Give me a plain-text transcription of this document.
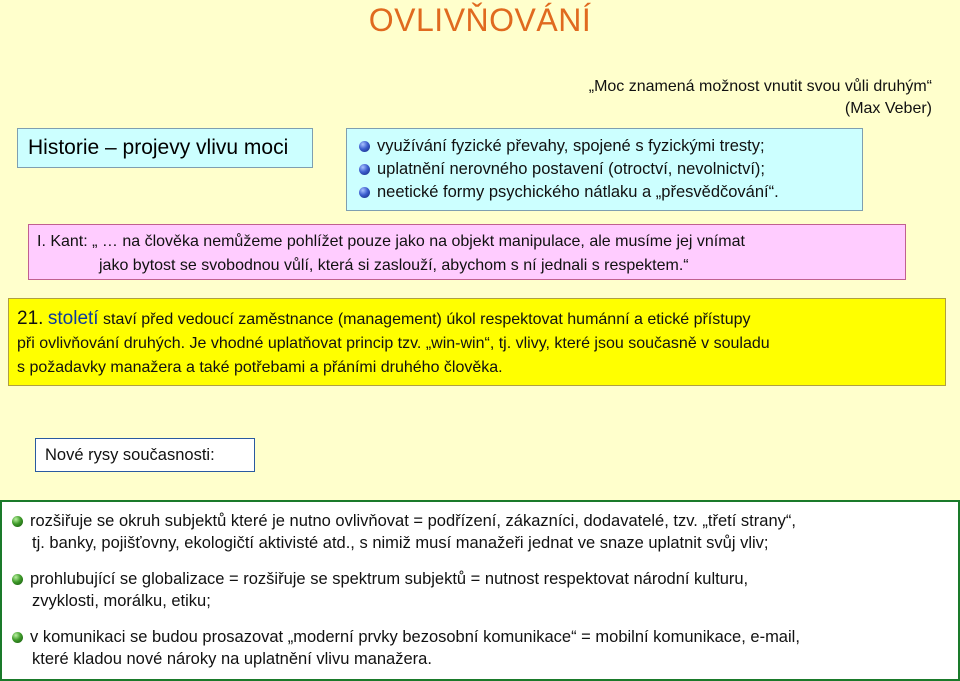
OVLIVŇOVÁNÍ
„Moc znamená možnost vnutit svou vůli druhým“
(Max Veber)
Historie – projevy vlivu moci	využívání fyzické převahy, spojené s fyzickými tresty;
uplatnění nerovného postavení (otroctví, nevolnictví);
neetické formy psychického nátlaku a „přesvědčování“.
I. Kant: „ … na člověka nemůžeme pohlížet pouze jako na objekt manipulace, ale musíme jej vnímat
jako bytost se svobodnou vůlí, která si zaslouží, abychom s ní jednali s respektem.“
21. století staví před vedoucí zaměstnance (management) úkol respektovat humánní a etické přístupy
při ovlivňování druhých. Je vhodné uplatňovat princip tzv. „win-win“, tj. vlivy, které jsou současně v souladu
s požadavky manažera a také potřebami a přáními druhého člověka.
Nové rysy současnosti:
rozšiřuje se okruh subjektů které je nutno ovlivňovat = podřízení, zákazníci, dodavatelé, tzv. „třetí strany“,
tj. banky, pojišťovny, ekologičtí aktivisté atd., s nimiž musí manažeři jednat ve snaze uplatnit svůj vliv;
prohlubující se globalizace = rozšiřuje se spektrum subjektů = nutnost respektovat národní kulturu,
zvyklosti, morálku, etiku;
v komunikaci se budou prosazovat „moderní prvky bezosobní komunikace“ = mobilní komunikace, e-mail,
které kladou nové nároky na uplatnění vlivu manažera.
